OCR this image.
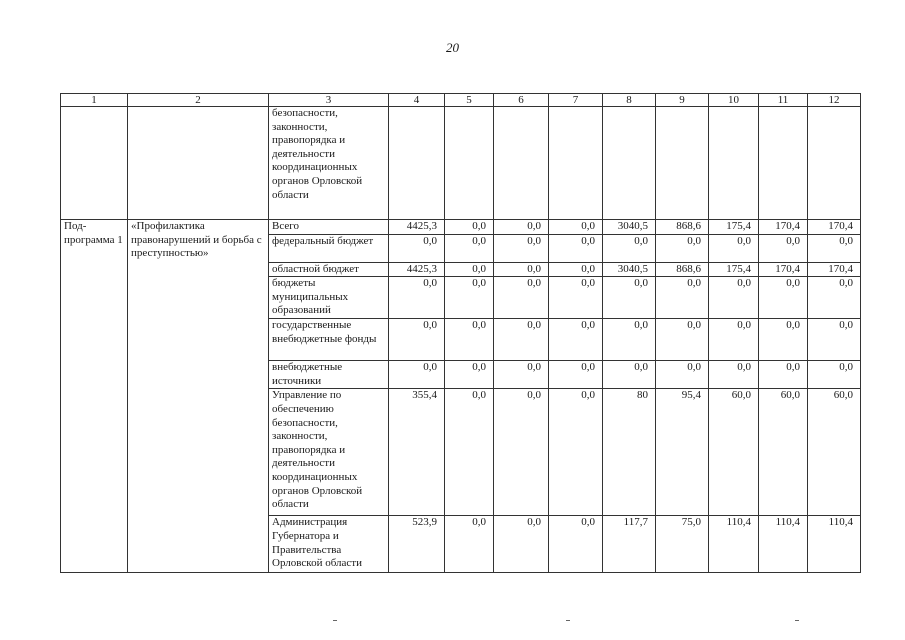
20
1	2	3	4	5	6	7	8	9	10	11	12
		безопасности, законности, правопорядка и деятельности координационных органов Орловской области									
Под-программа 1	«Профилактика правонарушений и борьба с преступностью»	Всего	4425,3	0,0	0,0	0,0	3040,5	868,6	175,4	170,4	170,4
		федеральный бюджет	0,0	0,0	0,0	0,0	0,0	0,0	0,0	0,0	0,0
		областной бюджет	4425,3	0,0	0,0	0,0	3040,5	868,6	175,4	170,4	170,4
		бюджеты муниципальных образований	0,0	0,0	0,0	0,0	0,0	0,0	0,0	0,0	0,0
		государственные внебюджетные фонды	0,0	0,0	0,0	0,0	0,0	0,0	0,0	0,0	0,0
		внебюджетные источники	0,0	0,0	0,0	0,0	0,0	0,0	0,0	0,0	0,0
		Управление по обеспечению безопасности, законности, правопорядка и деятельности координационных органов Орловской области	355,4	0,0	0,0	0,0	80	95,4	60,0	60,0	60,0
		Администрация Губернатора и Правительства Орловской области	523,9	0,0	0,0	0,0	117,7	75,0	110,4	110,4	110,4
